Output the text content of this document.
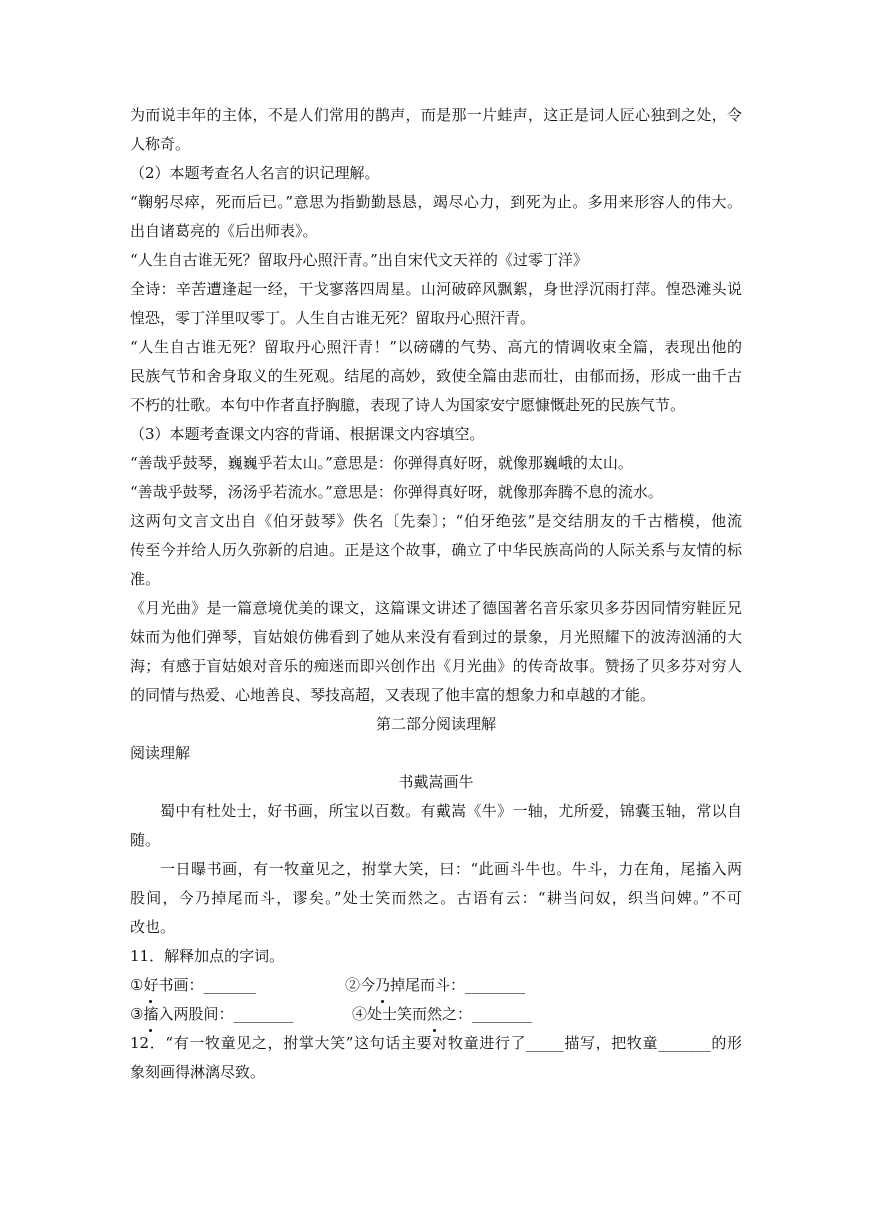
为而说丰年的主体，不是人们常用的鹊声，而是那一片蛙声，这正是词人匠心独到之处，令
人称奇。
（2）本题考查名人名言的识记理解。
“鞠躬尽瘁，死而后已。”意思为指勤勤恳恳，竭尽心力，到死为止。多用来形容人的伟大。
出自诸葛亮的《后出师表》。
“人生自古谁无死？留取丹心照汗青。”出自宋代文天祥的《过零丁洋》
全诗：辛苦遭逢起一经，干戈寥落四周星。山河破碎风飘絮，身世浮沉雨打萍。惶恐滩头说
惶恐，零丁洋里叹零丁。人生自古谁无死？留取丹心照汗青。
“人生自古谁无死？留取丹心照汗青！”以磅礴的气势、高亢的情调收束全篇，表现出他的
民族气节和舍身取义的生死观。结尾的高妙，致使全篇由悲而壮，由郁而扬，形成一曲千古
不朽的壮歌。本句中作者直抒胸臆，表现了诗人为国家安宁愿慷慨赴死的民族气节。
（3）本题考查课文内容的背诵、根据课文内容填空。
“善哉乎鼓琴，巍巍乎若太山。”意思是：你弹得真好呀，就像那巍峨的太山。
“善哉乎鼓琴，汤汤乎若流水。”意思是：你弹得真好呀，就像那奔腾不息的流水。
这两句文言文出自《伯牙鼓琴》佚名〔先秦〕；“伯牙绝弦”是交结朋友的千古楷模，他流
传至今并给人历久弥新的启迪。正是这个故事，确立了中华民族高尚的人际关系与友情的标
准。
《月光曲》是一篇意境优美的课文，这篇课文讲述了德国著名音乐家贝多芬因同情穷鞋匠兄
妹而为他们弹琴，盲姑娘仿佛看到了她从来没有看到过的景象，月光照耀下的波涛汹涌的大
海；有感于盲姑娘对音乐的痴迷而即兴创作出《月光曲》的传奇故事。赞扬了贝多芬对穷人
的同情与热爱、心地善良、琴技高超，又表现了他丰富的想象力和卓越的才能。
第二部分阅读理解
阅读理解
书戴嵩画牛
蜀中有杜处士，好书画，所宝以百数。有戴嵩《牛》一轴，尤所爱，锦囊玉轴，常以自
随。
一日曝书画，有一牧童见之，拊掌大笑，曰：“此画斗牛也。牛斗，力在角，尾搐入两
股间，今乃掉尾而斗，谬矣。”处士笑而然之。古语有云：“耕当问奴，织当问婢。”不可
改也。
11．解释加点的字词。
①好书画：_______	②今乃掉尾而斗：________
③搐入两股间：________	④处士笑而然之：________
12．“有一牧童见之，拊掌大笑”这句话主要对牧童进行了_____描写，把牧童_______的形
象刻画得淋漓尽致。
